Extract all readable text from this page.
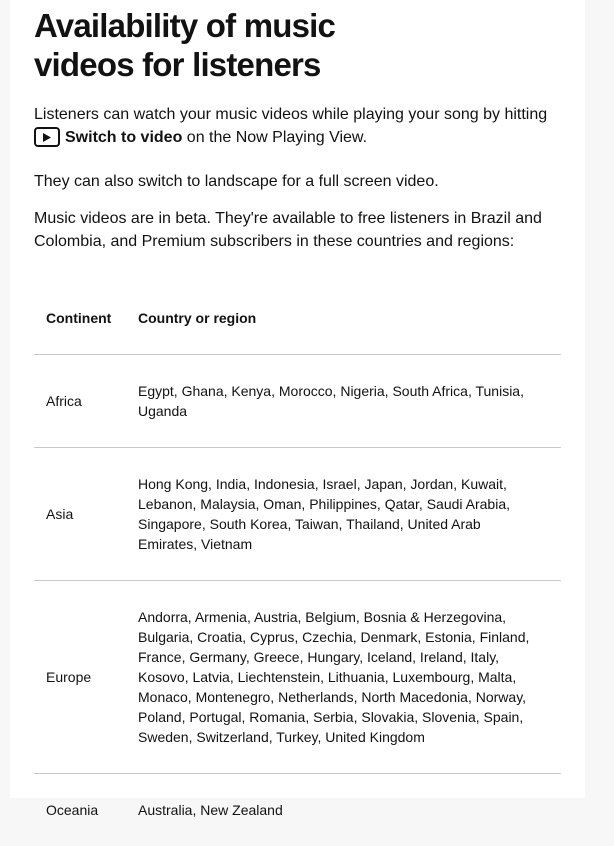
Availability of music videos for listeners

Listeners can watch your music videos while playing your song by hitting

Switch to video on the Now Playing View.

They can also switch to landscape for a full screen video.

Music videos are in beta. They're available to free listeners in Brazil and Colombia, and Premium subscribers in these countries and regions:

Continent	Country or region
Africa	Egypt, Ghana, Kenya, Morocco, Nigeria, South Africa, Tunisia, Uganda
Asia	Hong Kong, India, Indonesia, Israel, Japan, Jordan, Kuwait, Lebanon, Malaysia, Oman, Philippines, Qatar, Saudi Arabia, Singapore, South Korea, Taiwan, Thailand, United Arab Emirates, Vietnam
Europe	Andorra, Armenia, Austria, Belgium, Bosnia & Herzegovina, Bulgaria, Croatia, Cyprus, Czechia, Denmark, Estonia, Finland, France, Germany, Greece, Hungary, Iceland, Ireland, Italy, Kosovo, Latvia, Liechtenstein, Lithuania, Luxembourg, Malta, Monaco, Montenegro, Netherlands, North Macedonia, Norway, Poland, Portugal, Romania, Serbia, Slovakia, Slovenia, Spain, Sweden, Switzerland, Turkey, United Kingdom
Oceania	Australia, New Zealand
